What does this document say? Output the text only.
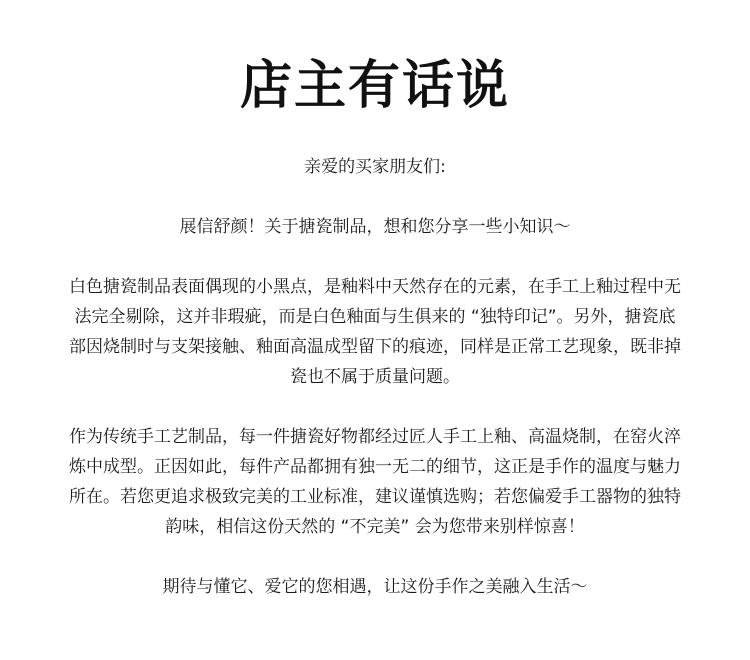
店主有话说

亲爱的买家朋友们:

展信舒颜！关于搪瓷制品，想和您分享一些小知识～

白色搪瓷制品表面偶现的小黑点，是釉料中天然存在的元素，在手工上釉过程中无

法完全剔除，这并非瑕疵，而是白色釉面与生俱来的 “独特印记”。另外，搪瓷底

部因烧制时与支架接触、釉面高温成型留下的痕迹，同样是正常工艺现象，既非掉

瓷也不属于质量问题。

作为传统手工艺制品，每一件搪瓷好物都经过匠人手工上釉、高温烧制，在窑火淬

炼中成型。正因如此，每件产品都拥有独一无二的细节，这正是手作的温度与魅力

所在。若您更追求极致完美的工业标准，建议谨慎选购；若您偏爱手工器物的独特

韵味，相信这份天然的 “不完美” 会为您带来别样惊喜！

期待与懂它、爱它的您相遇，让这份手作之美融入生活～
